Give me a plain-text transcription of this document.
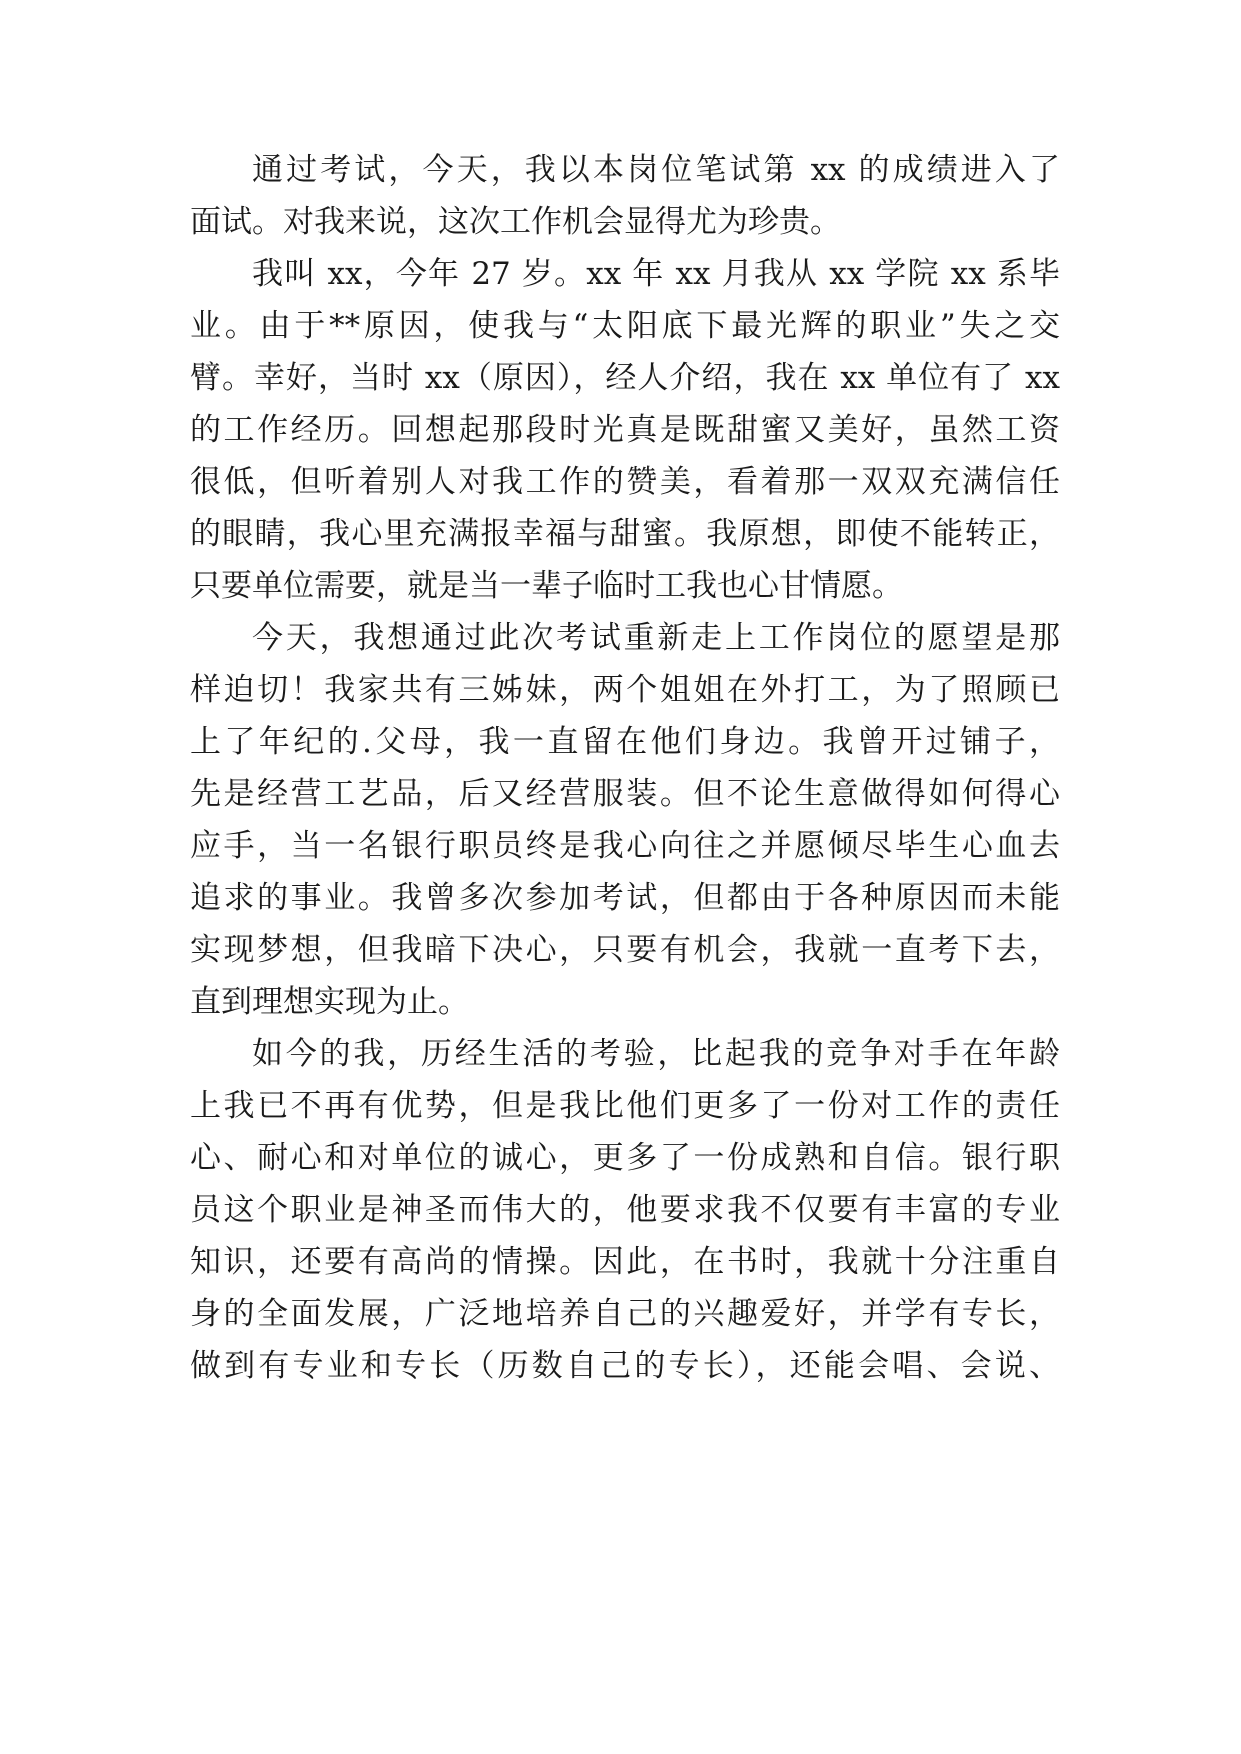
通过考试，今天，我以本岗位笔试第 xx 的成绩进入了
面试。对我来说，这次工作机会显得尤为珍贵。
我叫 xx，今年 27 岁。xx 年 xx 月我从 xx 学院 xx 系毕
业。由于**原因，使我与“太阳底下最光辉的职业”失之交
臂。幸好，当时 xx（原因），经人介绍，我在 xx 单位有了 xx
的工作经历。回想起那段时光真是既甜蜜又美好，虽然工资
很低，但听着别人对我工作的赞美，看着那一双双充满信任
的眼睛，我心里充满报幸福与甜蜜。我原想，即使不能转正，
只要单位需要，就是当一辈子临时工我也心甘情愿。
今天，我想通过此次考试重新走上工作岗位的愿望是那
样迫切！我家共有三姊妹，两个姐姐在外打工，为了照顾已
上了年纪的.父母，我一直留在他们身边。我曾开过铺子，
先是经营工艺品，后又经营服装。但不论生意做得如何得心
应手，当一名银行职员终是我心向往之并愿倾尽毕生心血去
追求的事业。我曾多次参加考试，但都由于各种原因而未能
实现梦想，但我暗下决心，只要有机会，我就一直考下去，
直到理想实现为止。
如今的我，历经生活的考验，比起我的竞争对手在年龄
上我已不再有优势，但是我比他们更多了一份对工作的责任
心、耐心和对单位的诚心，更多了一份成熟和自信。银行职
员这个职业是神圣而伟大的，他要求我不仅要有丰富的专业
知识，还要有高尚的情操。因此，在书时，我就十分注重自
身的全面发展，广泛地培养自己的兴趣爱好，并学有专长，
做到有专业和专长（历数自己的专长），还能会唱、会说、
